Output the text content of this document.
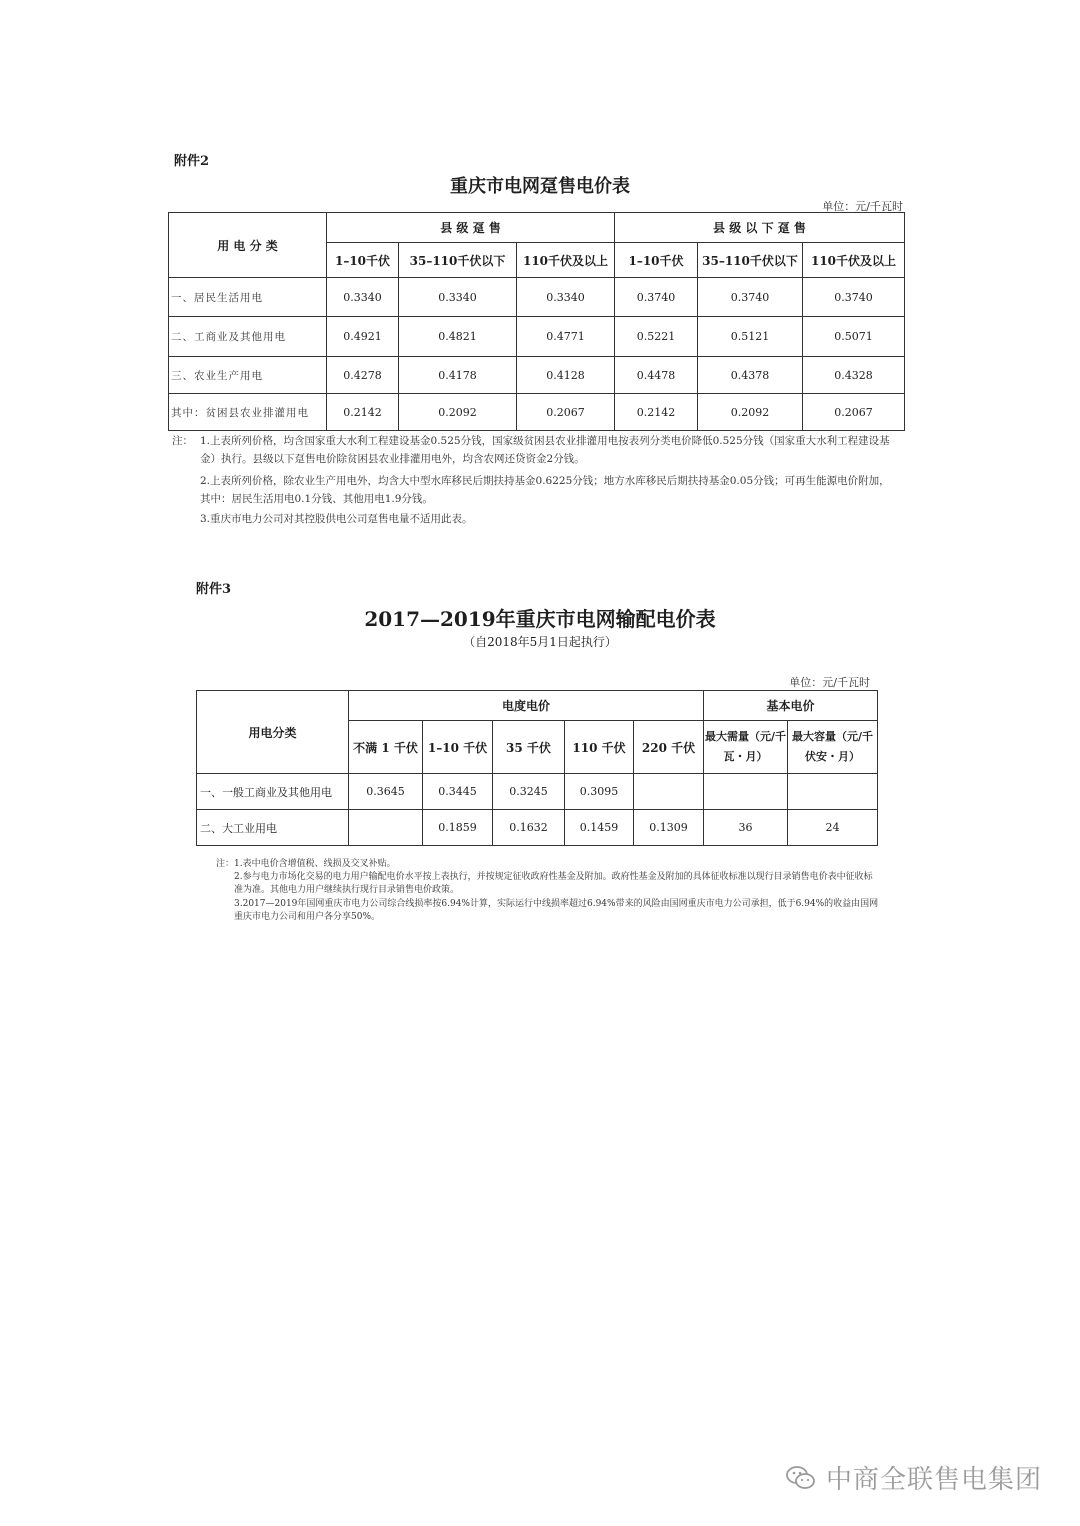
附件2
重庆市电网趸售电价表
单位：元/千瓦时
用 电 分 类	县 级 趸 售			县 级 以 下 趸 售		
	1–10千伏	35–110千伏以下	110千伏及以上	1–10千伏	35–110千伏以下	110千伏及以上
一、居民生活用电	0.3340	0.3340	0.3340	0.3740	0.3740	0.3740
二、工商业及其他用电	0.4921	0.4821	0.4771	0.5221	0.5121	0.5071
三、农业生产用电	0.4278	0.4178	0.4128	0.4478	0.4378	0.4328
其中：贫困县农业排灌用电	0.2142	0.2092	0.2067	0.2142	0.2092	0.2067
注： 1.上表所列价格，均含国家重大水利工程建设基金0.525分钱，国家级贫困县农业排灌用电按表列分类电价降低0.525分钱（国家重大水利工程建设基金）执行。县级以下趸售电价除贫困县农业排灌用电外，均含农网还贷资金2分钱。
2.上表所列价格，除农业生产用电外，均含大中型水库移民后期扶持基金0.6225分钱；地方水库移民后期扶持基金0.05分钱；可再生能源电价附加，其中：居民生活用电0.1分钱、其他用电1.9分钱。
3.重庆市电力公司对其控股供电公司趸售电量不适用此表。
附件3
2017—2019年重庆市电网输配电价表
（自2018年5月1日起执行）
单位：元/千瓦时
用电分类	电度电价					基本电价	
	不满 1 千伏	1–10 千伏	35 千伏	110 千伏	220 千伏	最大需量（元/千瓦・月）	最大容量（元/千伏安・月）
一、一般工商业及其他用电	0.3645	0.3445	0.3245	0.3095			
二、大工业用电		0.1859	0.1632	0.1459	0.1309	36	24
注：1.表中电价含增值税、线损及交叉补贴。
2.参与电力市场化交易的电力用户输配电价水平按上表执行，并按规定征收政府性基金及附加。政府性基金及附加的具体征收标准以现行目录销售电价表中征收标准为准。其他电力用户继续执行现行目录销售电价政策。
3.2017—2019年国网重庆市电力公司综合线损率按6.94%计算，实际运行中线损率超过6.94%带来的风险由国网重庆市电力公司承担，低于6.94%的收益由国网重庆市电力公司和用户各分享50%。
中商全联售电集团
